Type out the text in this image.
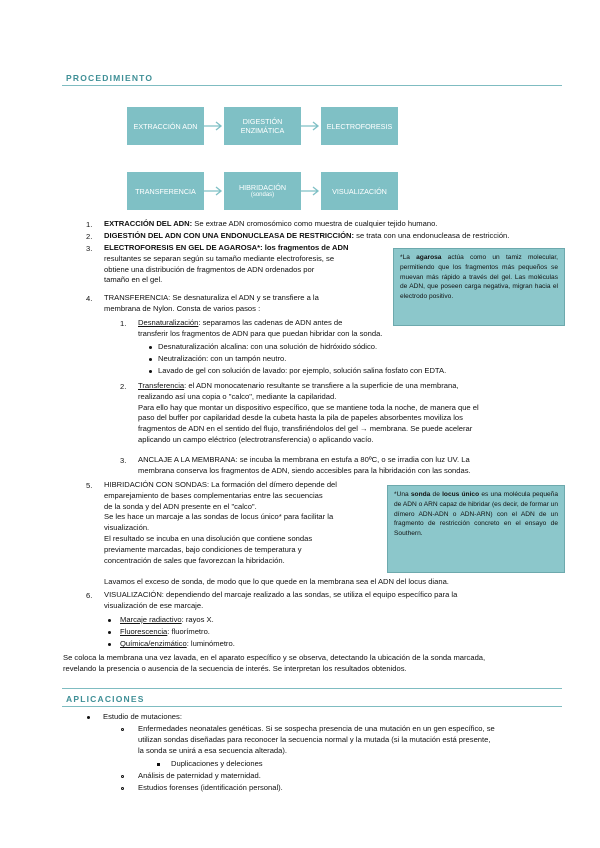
PROCEDIMIENTO
EXTRACCIÓN ADN	DIGESTIÓN ENZIMÁTICA	ELECTROFORESIS
TRANSFERENCIA	HIBRIDACIÓN
(sondas)	VISUALIZACIÓN
1. EXTRACCIÓN DEL ADN: Se extrae ADN cromosómico como muestra de cualquier tejido humano.
2. DIGESTIÓN DEL ADN CON UNA ENDONUCLEASA DE RESTRICCIÓN: se trata con una endonucleasa de restricción.
3. ELECTROFORESIS EN GEL DE AGAROSA*: los fragmentos de ADN
resultantes se separan según su tamaño mediante electroforesis, se
obtiene una distribución de fragmentos de ADN ordenados por
tamaño en el gel.
*La agarosa actúa como un tamiz molecular, permitiendo que los fragmentos más pequeños se muevan más rápido a través del gel. Las moléculas de ADN, que poseen carga negativa, migran hacia el electrodo positivo.
4. TRANSFERENCIA: Se desnaturaliza el ADN y se transfiere a la
membrana de Nylon. Consta de varios pasos :
1. Desnaturalización: separamos las cadenas de ADN antes de
transferir los fragmentos de ADN para que puedan hibridar con la sonda.
Desnaturalización alcalina: con una solución de hidróxido sódico.
Neutralización: con un tampón neutro.
Lavado de gel con solución de lavado: por ejemplo, solución salina fosfato con EDTA.
2. Transferencia: el ADN monocatenario resultante se transfiere a la superficie de una membrana,
realizando así una copia o "calco", mediante la capilaridad.
Para ello hay que montar un dispositivo específico, que se mantiene toda la noche, de manera que el
paso del buffer por capilaridad desde la cubeta hasta la pila de papeles absorbentes moviliza los
fragmentos de ADN en el sentido del flujo, transfiriéndolos del gel → membrana. Se puede acelerar
aplicando un campo eléctrico (electrotransferencia) o aplicando vacío.
3. ANCLAJE A LA MEMBRANA: se incuba la membrana en estufa a 80ºC, o se irradia con luz UV. La
membrana conserva los fragmentos de ADN, siendo accesibles para la hibridación con las sondas.
5. HIBRIDACIÓN CON SONDAS: La formación del dímero depende del
emparejamiento de bases complementarias entre las secuencias
de la sonda y del ADN presente en el "calco".
Se les hace un marcaje a las sondas de locus único* para facilitar la
visualización.
El resultado se incuba en una disolución que contiene sondas
previamente marcadas, bajo condiciones de temperatura y
concentración de sales que favorezcan la hibridación.
Lavamos el exceso de sonda, de modo que lo que quede en la membrana sea el ADN del locus diana.
*Una sonda de locus único es una molécula pequeña de ADN o ARN capaz de hibridar (es decir, de formar un dímero ADN-ADN o ADN-ARN) con el ADN de un fragmento de restricción concreto en el ensayo de Southern.
6. VISUALIZACIÓN: dependiendo del marcaje realizado a las sondas, se utiliza el equipo específico para la
visualización de ese marcaje.
Marcaje radiactivo: rayos X.
Fluorescencia: fluorímetro.
Química/enzimático: luminómetro.
Se coloca la membrana una vez lavada, en el aparato específico y se observa, detectando la ubicación de la sonda marcada,
revelando la presencia o ausencia de la secuencia de interés. Se interpretan los resultados obtenidos.
APLICACIONES
Estudio de mutaciones:
Enfermedades neonatales genéticas. Si se sospecha presencia de una mutación en un gen específico, se
utilizan sondas diseñadas para reconocer la secuencia normal y la mutada (si la mutación está presente,
la sonda se unirá a esa secuencia alterada).
Duplicaciones y deleciones
Análisis de paternidad y maternidad.
Estudios forenses (identificación personal).
